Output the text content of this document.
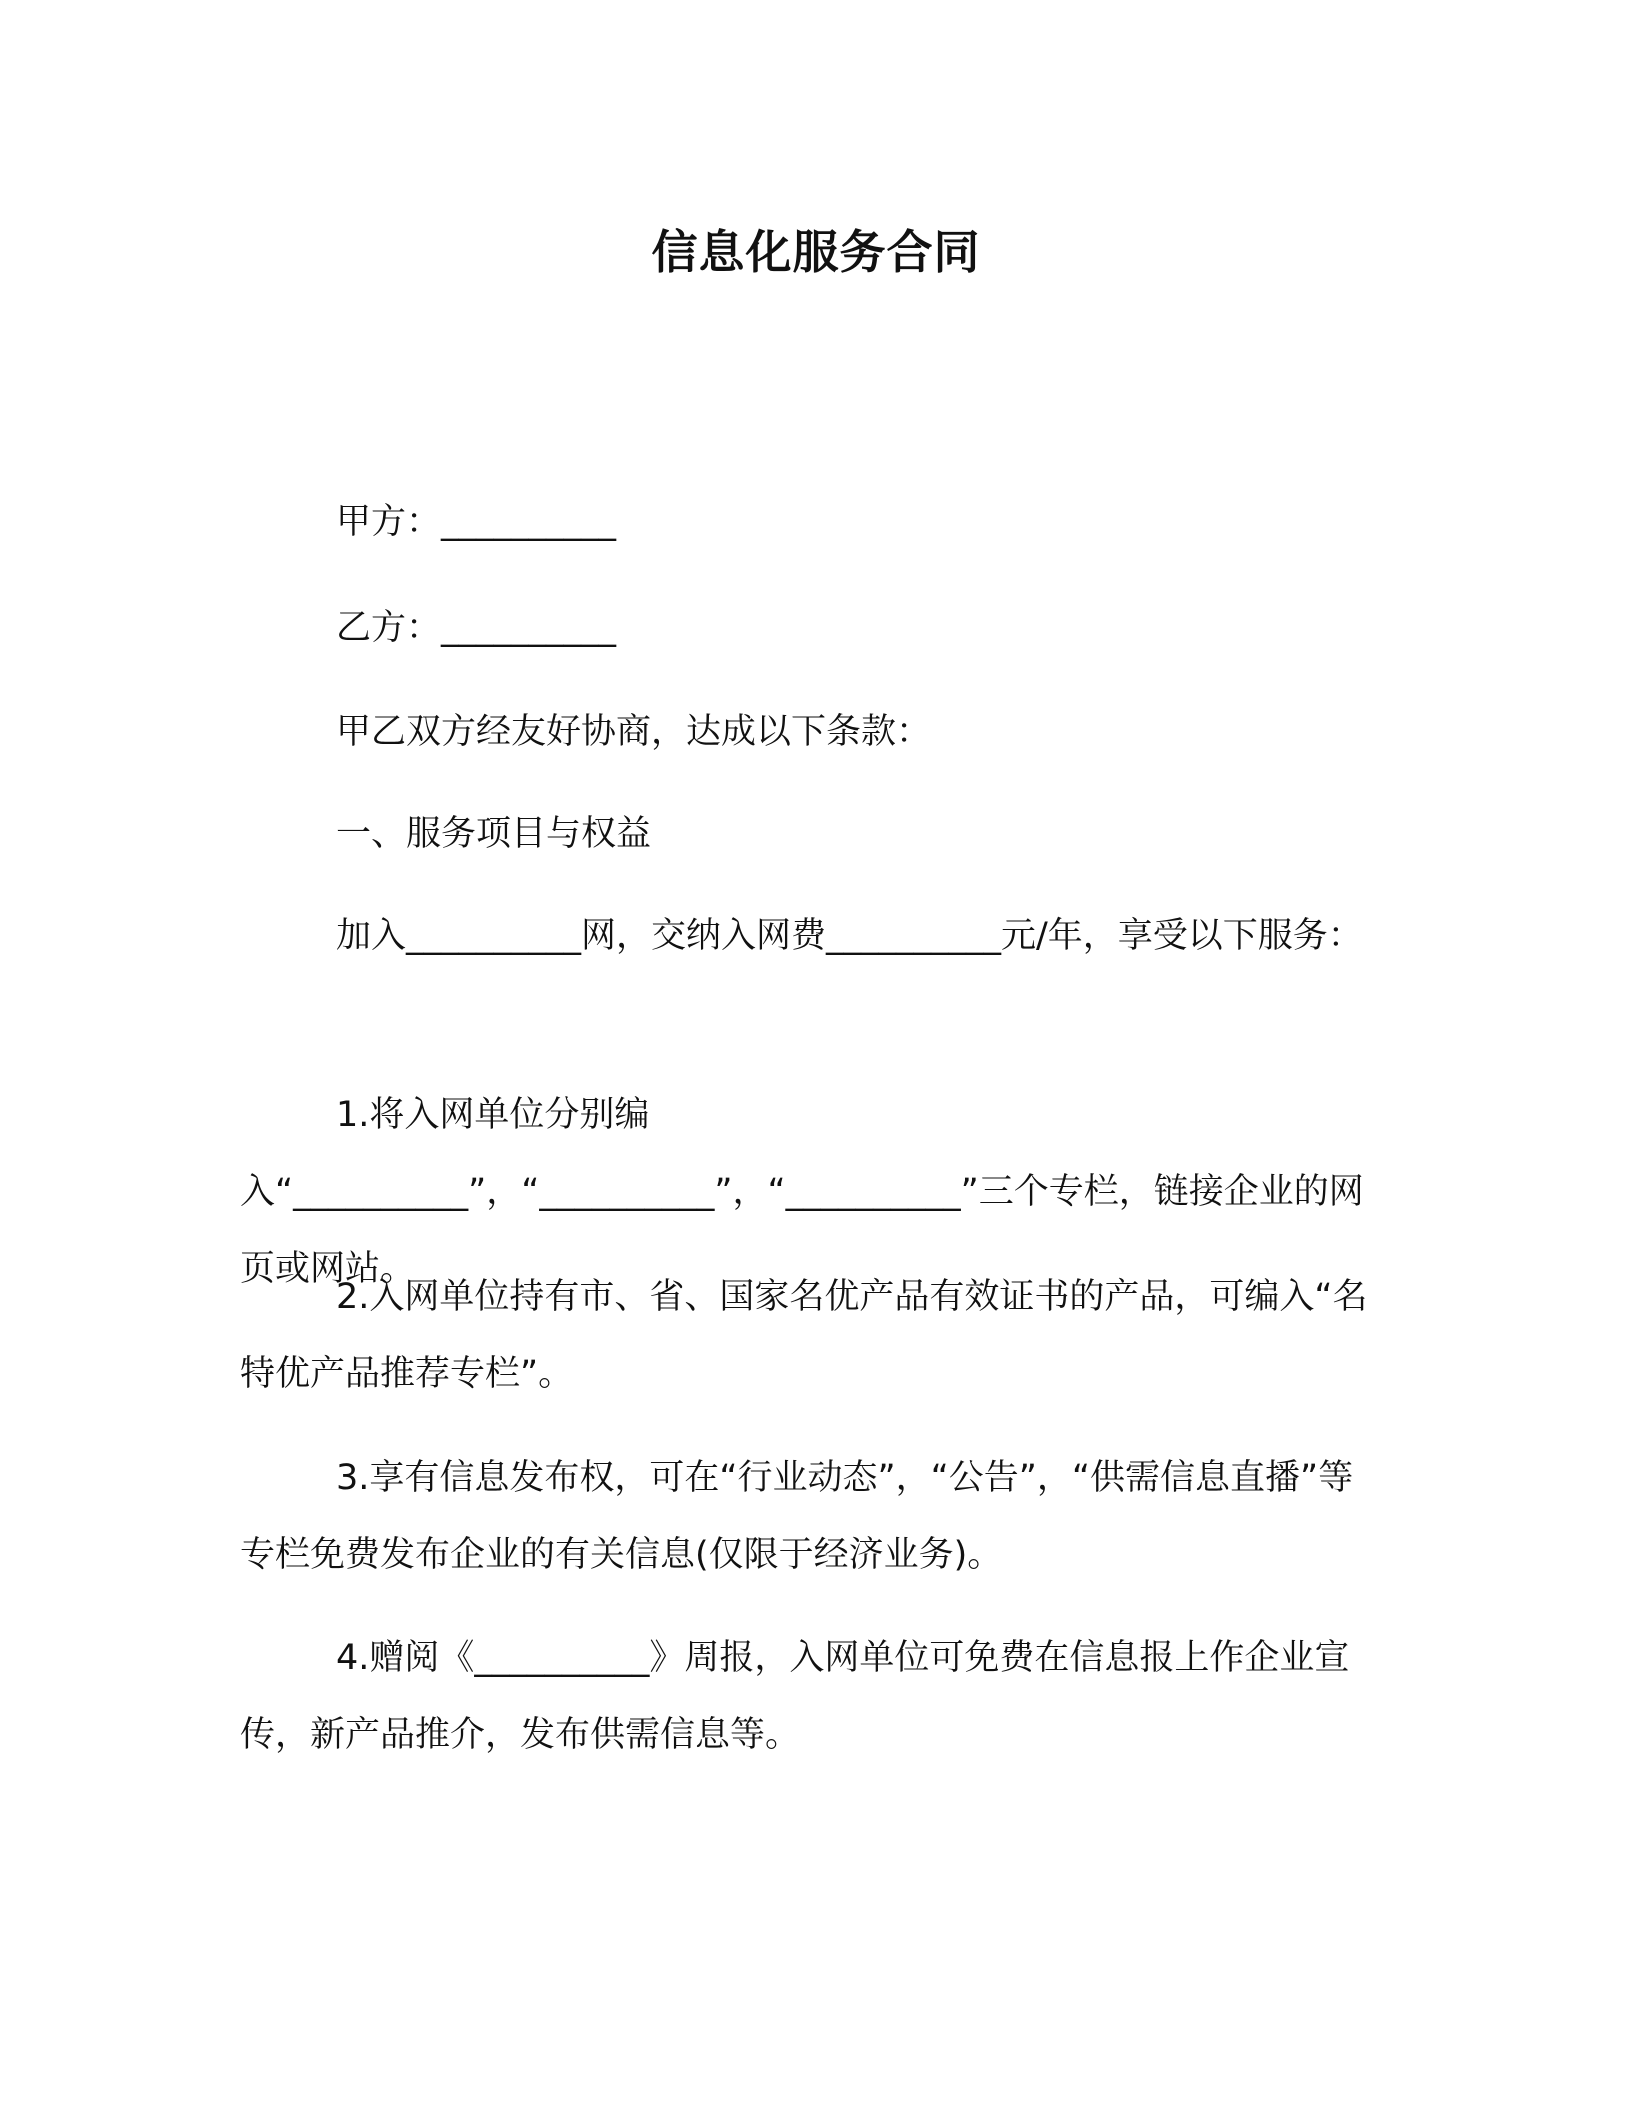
信息化服务合同

甲方：__________

乙方：__________

甲乙双方经友好协商，达成以下条款：

一、服务项目与权益

加入__________网，交纳入网费__________元/年，享受以下服务：

1.将入网单位分别编入“__________”，“__________”，“__________”三个专栏，链接企业的网页或网站。

2.入网单位持有市、省、国家名优产品有效证书的产品，可编入“名特优产品推荐专栏”。

3.享有信息发布权，可在“行业动态”，“公告”，“供需信息直播”等专栏免费发布企业的有关信息(仅限于经济业务)。

4.赠阅《__________》周报，入网单位可免费在信息报上作企业宣传，新产品推介，发布供需信息等。
